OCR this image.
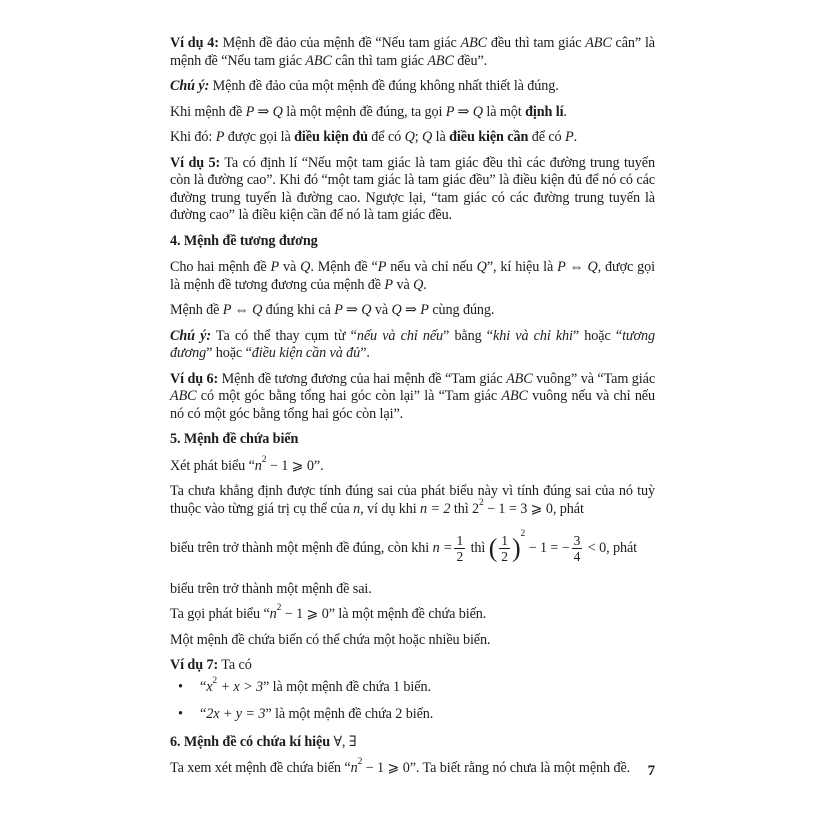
Ví dụ 4: Mệnh đề đảo của mệnh đề “Nếu tam giác ABC đều thì tam giác ABC cân” là mệnh đề “Nếu tam giác ABC cân thì tam giác ABC đều”.

Chú ý: Mệnh đề đảo của một mệnh đề đúng không nhất thiết là đúng.

Khi mệnh đề P ⇒ Q là một mệnh đề đúng, ta gọi P ⇒ Q là một định lí.

Khi đó: P được gọi là điều kiện đủ để có Q; Q là điều kiện cần để có P.

Ví dụ 5: Ta có định lí “Nếu một tam giác là tam giác đều thì các đường trung tuyến còn là đường cao”. Khi đó “một tam giác là tam giác đều” là điều kiện đủ để nó có các đường trung tuyến là đường cao. Ngược lại, “tam giác có các đường trung tuyến là đường cao” là điều kiện cần để nó là tam giác đều.

4. Mệnh đề tương đương

Cho hai mệnh đề P và Q. Mệnh đề “P nếu và chỉ nếu Q”, kí hiệu là P ⇔ Q, được gọi là mệnh đề tương đương của mệnh đề P và Q.

Mệnh đề P ⇔ Q đúng khi cả P ⇒ Q và Q ⇒ P cùng đúng.

Chú ý: Ta có thể thay cụm từ “nếu và chỉ nếu” bằng “khi và chỉ khi” hoặc “tương đương” hoặc “điều kiện cần và đủ”.

Ví dụ 6: Mệnh đề tương đương của hai mệnh đề “Tam giác ABC vuông” và “Tam giác ABC có một góc bằng tổng hai góc còn lại” là “Tam giác ABC vuông nếu và chỉ nếu nó có một góc bằng tổng hai góc còn lại”.

5. Mệnh đề chứa biến

Xét phát biểu “$n^2 - 1$ ⩾ 0”.

Ta chưa khẳng định được tính đúng sai của phát biểu này vì tính đúng sai của nó tuỳ thuộc vào từng giá trị cụ thể của n, ví dụ khi n = 2 thì $2^2 - 1 = 3$ ⩾ 0, phát

biểu trên trở thành một mệnh đề đúng, còn khi $n = \frac{1}{2}$ thì ( $\frac{1}{2} )^2 - 1$ = − $\frac{3}{4} < 0$, phát

biểu trên trở thành một mệnh đề sai.

Ta gọi phát biểu “$n^2 - 1$ ⩾ 0” là một mệnh đề chứa biến.

Một mệnh đề chứa biến có thể chứa một hoặc nhiều biến.

Ví dụ 7: Ta có

• “$x^2 + x > 3$” là một mệnh đề chứa 1 biến.
• “2x + y = 3” là một mệnh đề chứa 2 biến.
6. Mệnh đề có chứa kí hiệu ∀, ∃

Ta xem xét mệnh đề chứa biến “$n^2 - 1$ ⩾ 0”. Ta biết rằng nó chưa là một mệnh đề.	7
